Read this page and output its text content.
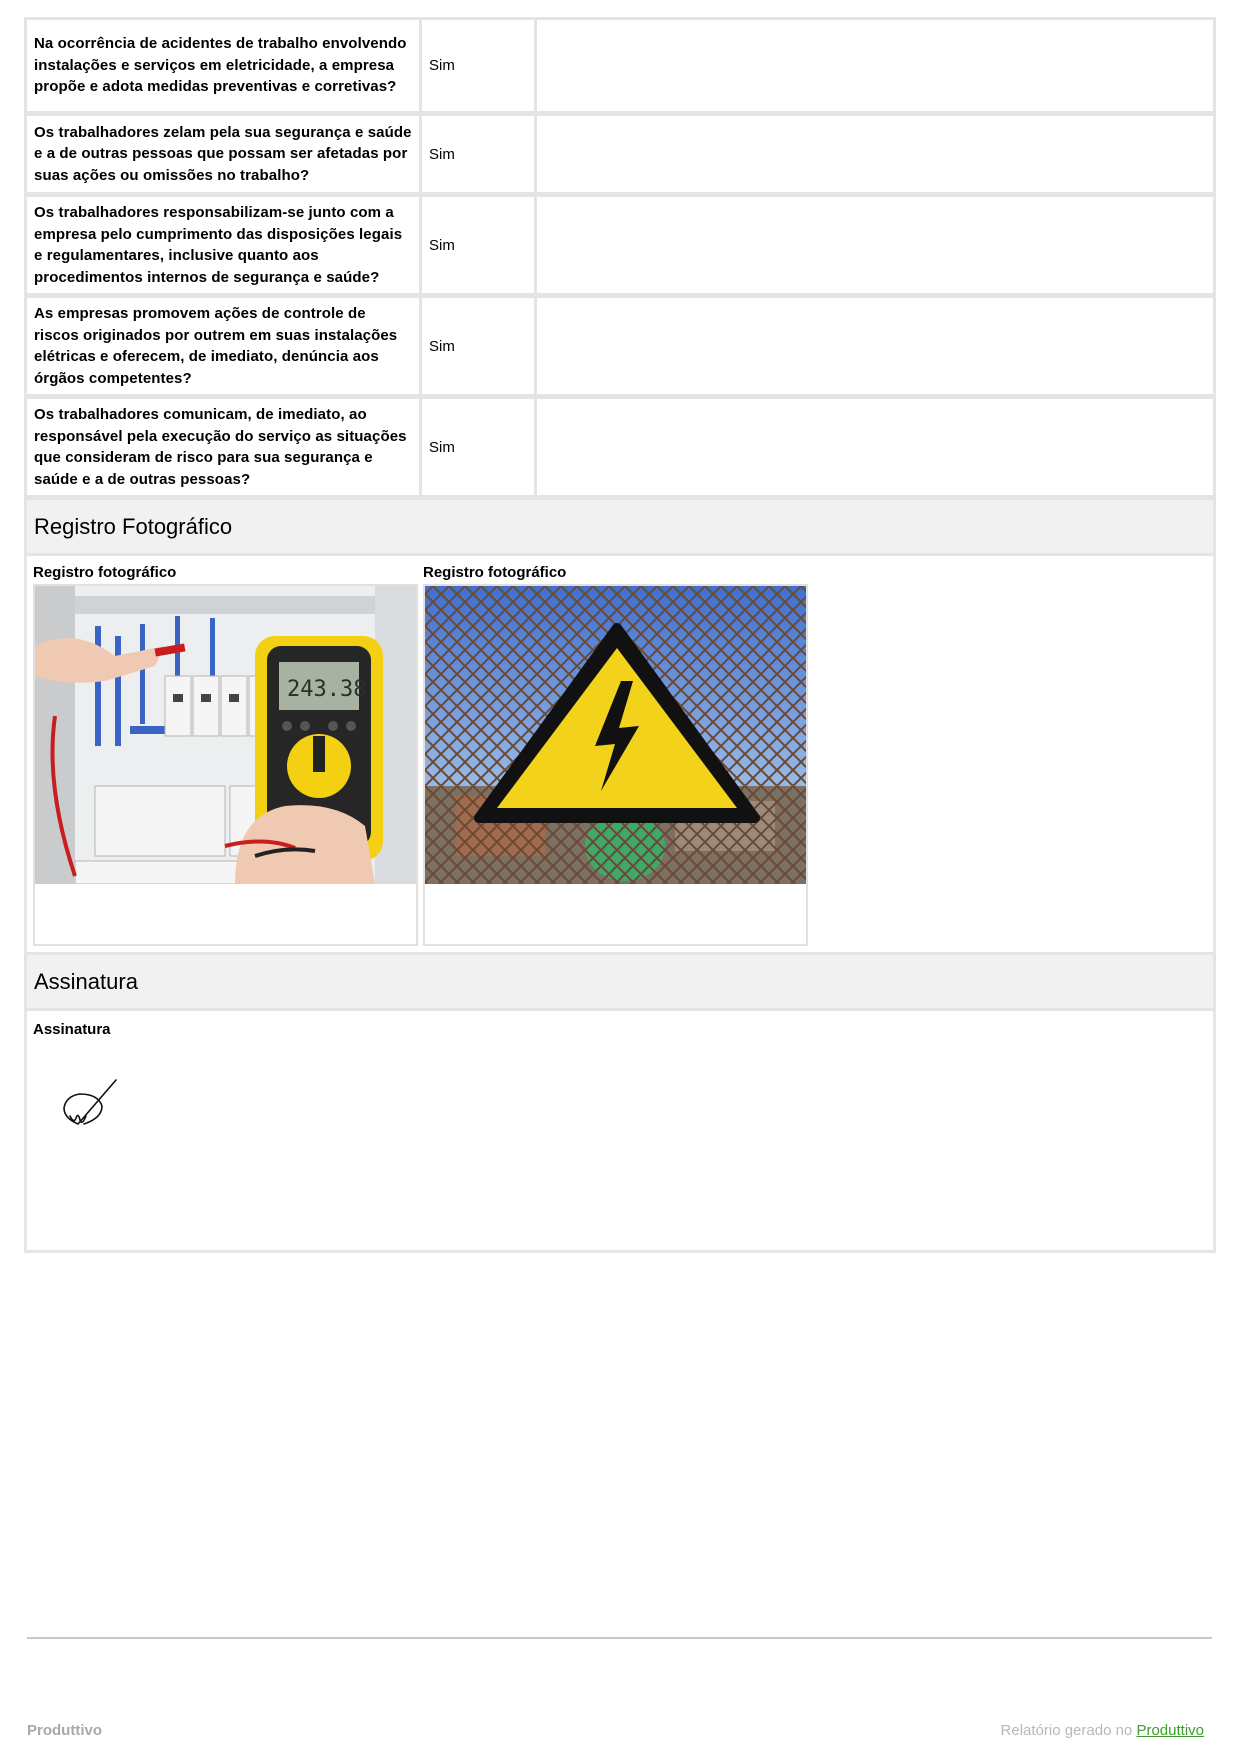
Na ocorrência de acidentes de trabalho envolvendo instalações e serviços em eletricidade, a empresa propõe e adota medidas preventivas e corretivas?
Sim
Os trabalhadores zelam pela sua segurança e saúde e a de outras pessoas que possam ser afetadas por suas ações ou omissões no trabalho?
Sim
Os trabalhadores responsabilizam-se junto com a empresa pelo cumprimento das disposições legais e regulamentares, inclusive quanto aos procedimentos internos de segurança e saúde?
Sim
As empresas promovem ações de controle de riscos originados por outrem em suas instalações elétricas e oferecem, de imediato, denúncia aos órgãos competentes?
Sim
Os trabalhadores comunicam, de imediato, ao responsável pela execução do serviço as situações que consideram de risco para sua segurança e saúde e a de outras pessoas?
Sim
Registro Fotográfico
Registro fotográfico
243.38
Registro fotográfico
Assinatura
Assinatura
Produttivo	Relatório gerado no Produttivo
